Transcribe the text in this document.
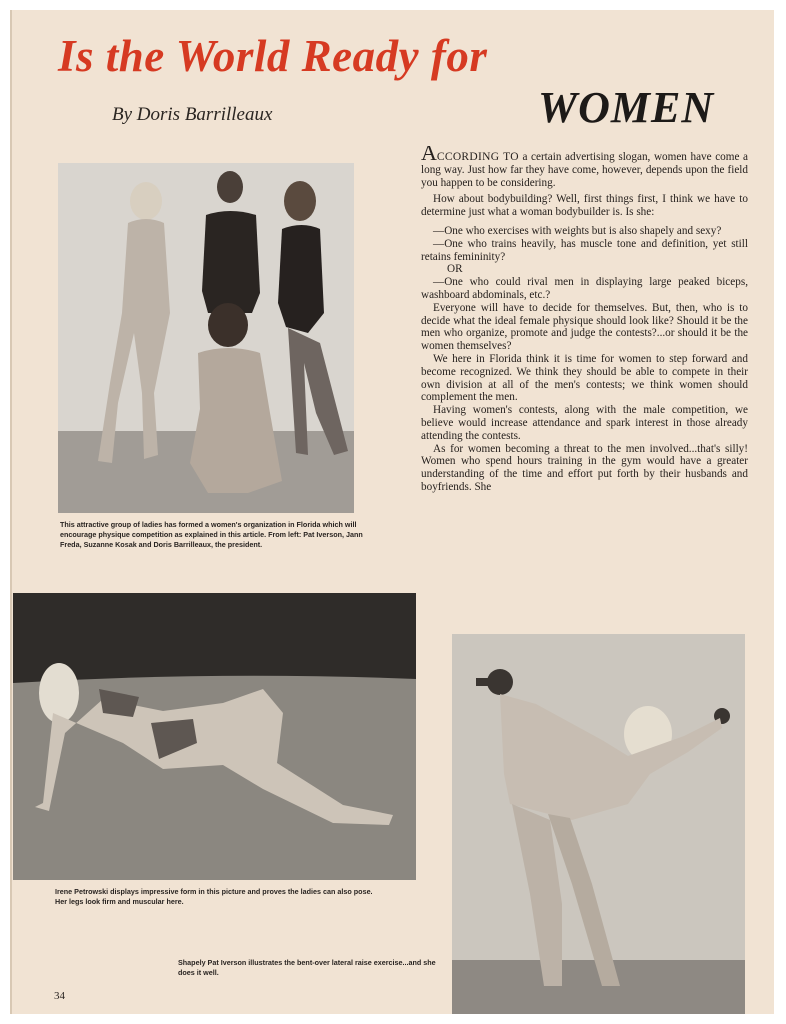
Is the World Ready for
WOMEN
By Doris Barrilleaux

This attractive group of ladies has formed a women's organization in Florida which will encourage physique competition as explained in this article. From left: Pat Iverson, Jann Freda, Suzanne Kosak and Doris Barrilleaux, the president.

Irene Petrowski displays impressive form in this picture and proves the ladies can also pose. Her legs look firm and muscular here.

Shapely Pat Iverson illustrates the bent-over lateral raise exercise...and she does it well.

ACCORDING TO a certain advertising slogan, women have come a long way. Just how far they have come, however, depends upon the field you happen to be considering.

How about bodybuilding? Well, first things first, I think we have to determine just what a woman bodybuilder is. Is she:

—One who exercises with weights but is also shapely and sexy?

—One who trains heavily, has muscle tone and definition, yet still retains femininity?

OR

—One who could rival men in displaying large peaked biceps, washboard abdominals, etc.?

Everyone will have to decide for themselves. But, then, who is to decide what the ideal female physique should look like? Should it be the men who organize, promote and judge the contests?...or should it be the women themselves?

We here in Florida think it is time for women to step forward and become recognized. We think they should be able to compete in their own division at all of the men's contests; we think women should complement the men.

Having women's contests, along with the male competition, we believe would increase attendance and spark interest in those already attending the contests.

As for women becoming a threat to the men involved...that's silly! Women who spend hours training in the gym would have a greater understanding of the time and effort put forth by their husbands and boyfriends. She

34
